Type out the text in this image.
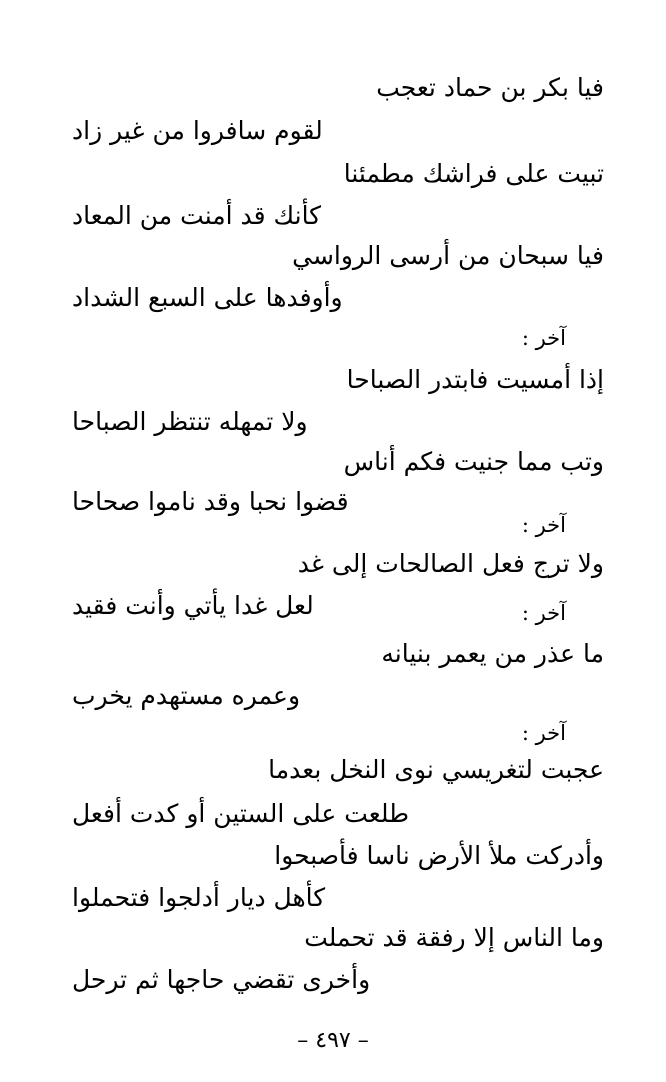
فيا بكر بن حماد تعجب
لقوم سافروا من غير زاد
تبيت على فراشك مطمئنا
كأنك قد أمنت من المعاد
فيا سبحان من أرسى الرواسي
وأوفدها على السبع الشداد
آخر :
إذا أمسيت فابتدر الصباحا
ولا تمهله تنتظر الصباحا
وتب مما جنيت فكم أناس
قضوا نحبا وقد ناموا صحاحا
آخر :
ولا ترج فعل الصالحات إلى غد
لعل غدا يأتي وأنت فقيد	آخر :
ما عذر من يعمر بنيانه
وعمره مستهدم يخرب
آخر :
عجبت لتغريسي نوى النخل بعدما
طلعت على الستين أو كدت أفعل
وأدركت ملأ الأرض ناسا فأصبحوا
كأهل ديار أدلجوا فتحملوا
وما الناس إلا رفقة قد تحملت
وأخرى تقضي حاجها ثم ترحل
– ٤٩٧ –
